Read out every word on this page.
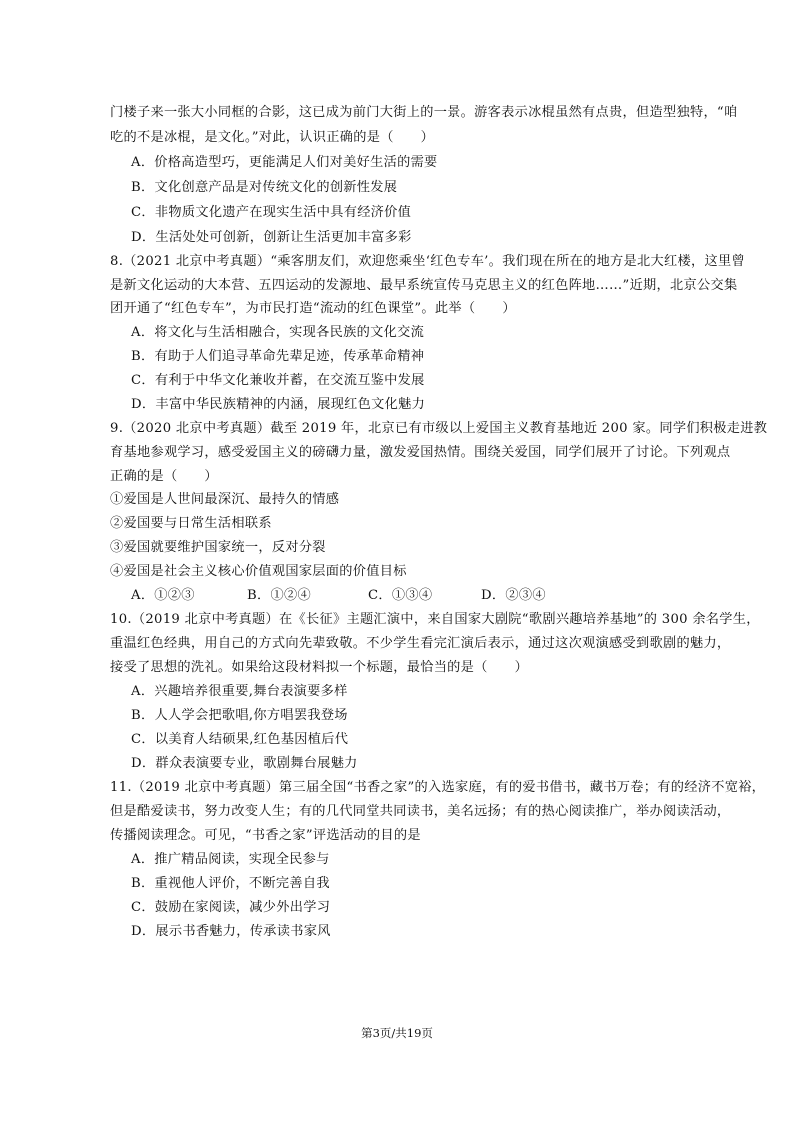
门楼子来一张大小同框的合影，这已成为前门大街上的一景。游客表示冰棍虽然有点贵，但造型独特，“咱
吃的不是冰棍，是文化。”对此，认识正确的是（　　）
A．价格高造型巧，更能满足人们对美好生活的需要
B．文化创意产品是对传统文化的创新性发展
C．非物质文化遗产在现实生活中具有经济价值
D．生活处处可创新，创新让生活更加丰富多彩
8.（2021 北京中考真题）“乘客朋友们，欢迎您乘坐‘红色专车’。我们现在所在的地方是北大红楼，这里曾
是新文化运动的大本营、五四运动的发源地、最早系统宣传马克思主义的红色阵地……”近期，北京公交集
团开通了“红色专车”，为市民打造“流动的红色课堂”。此举（　　）
A．将文化与生活相融合，实现各民族的文化交流
B．有助于人们追寻革命先辈足迹，传承革命精神
C．有利于中华文化兼收并蓄，在交流互鉴中发展
D．丰富中华民族精神的内涵，展现红色文化魅力
9.（2020 北京中考真题）截至 2019 年，北京已有市级以上爱国主义教育基地近 200 家。同学们积极走进教
育基地参观学习，感受爱国主义的磅礴力量，激发爱国热情。围绕关爱国，同学们展开了讨论。下列观点
正确的是（　　）
①爱国是人世间最深沉、最持久的情感
②爱国要与日常生活相联系
③爱国就要维护国家统一，反对分裂
④爱国是社会主义核心价值观国家层面的价值目标
A．①②③	B．①②④	C．①③④	D．②③④
10.（2019 北京中考真题）在《长征》主题汇演中，来自国家大剧院“歌剧兴趣培养基地”的 300 余名学生，
重温红色经典，用自己的方式向先辈致敬。不少学生看完汇演后表示，通过这次观演感受到歌剧的魅力，
接受了思想的洗礼。如果给这段材料拟一个标题，最恰当的是（　　）
A．兴趣培养很重要,舞台表演要多样
B．人人学会把歌唱,你方唱罢我登场
C．以美育人结硕果,红色基因植后代
D．群众表演要专业，歌剧舞台展魅力
11.（2019 北京中考真题）第三届全国“书香之家”的入选家庭，有的爱书借书，藏书万卷；有的经济不宽裕，
但是酷爱读书，努力改变人生；有的几代同堂共同读书，美名远扬；有的热心阅读推广，举办阅读活动，
传播阅读理念。可见，“书香之家”评选活动的目的是
A．推广精品阅读，实现全民参与
B．重视他人评价，不断完善自我
C．鼓励在家阅读，减少外出学习
D．展示书香魅力，传承读书家风
第3页/共19页
